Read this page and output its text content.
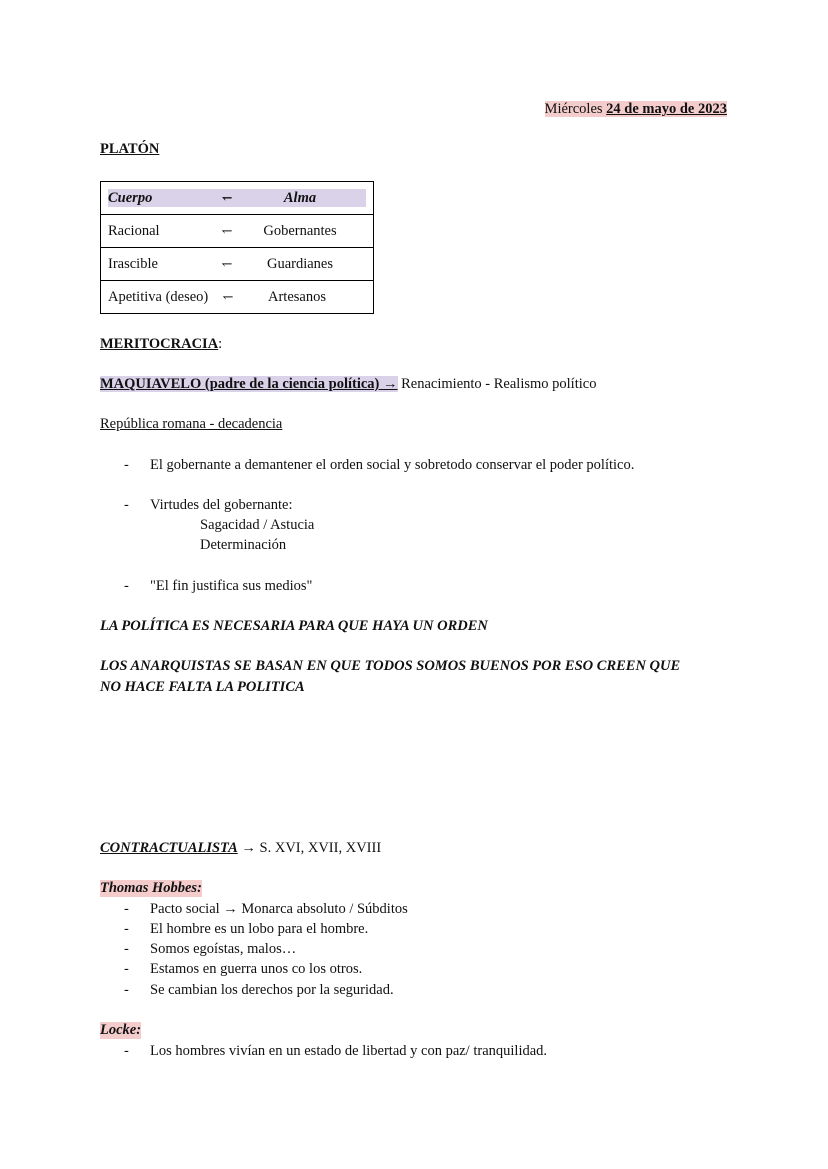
Miércoles 24 de mayo de 2023
PLATÓN
Cuerpo	↽	Alma

Racional	↽	Gobernantes

Irascible	↽	Guardianes

Apetitiva (deseo)	↽	Artesanos
MERITOCRACIA:
MAQUIAVELO (padre de la ciencia política) → Renacimiento - Realismo político
República romana - decadencia
- El gobernante a demantener el orden social y sobretodo conservar el poder político.
- Virtudes del gobernante:
Sagacidad / Astucia
Determinación
- "El fin justifica sus medios"
LA POLÍTICA ES NECESARIA PARA QUE HAYA UN ORDEN
LOS ANARQUISTAS SE BASAN EN QUE TODOS SOMOS BUENOS POR ESO CREEN QUE
NO HACE FALTA LA POLITICA
CONTRACTUALISTA → S. XVI, XVII, XVIII
Thomas Hobbes:
- Pacto social → Monarca absoluto / Súbditos
- El hombre es un lobo para el hombre.
- Somos egoístas, malos…
- Estamos en guerra unos co los otros.
- Se cambian los derechos por la seguridad.
Locke:
- Los hombres vivían en un estado de libertad y con paz/ tranquilidad.
